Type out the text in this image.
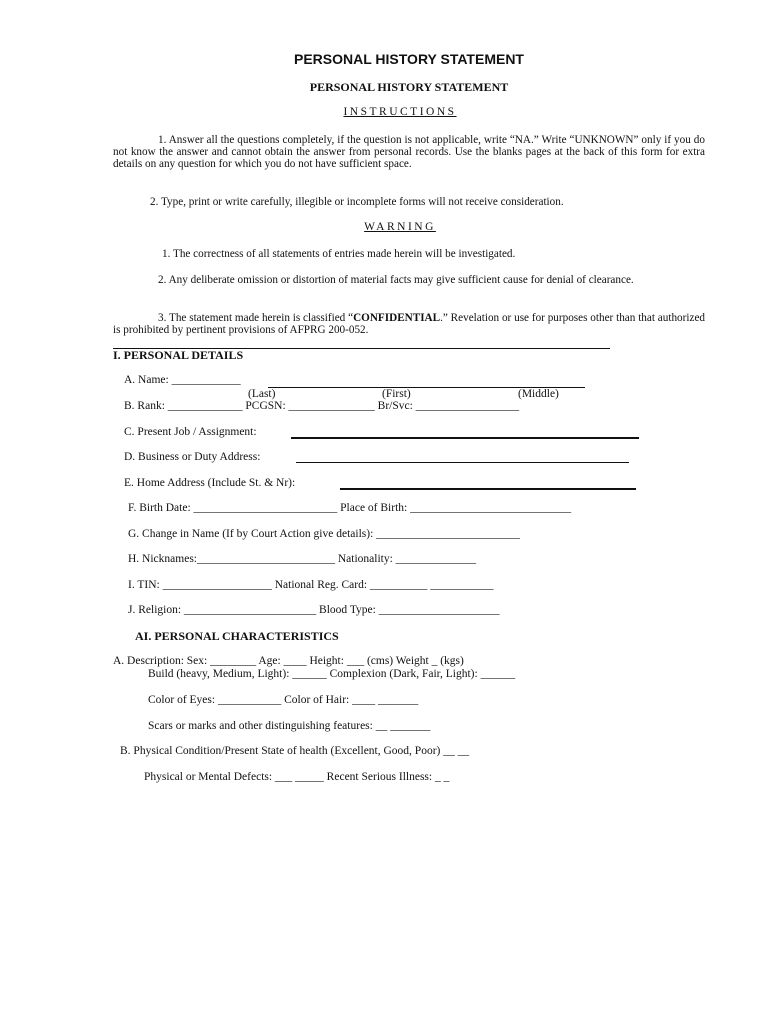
PERSONAL HISTORY STATEMENT
PERSONAL HISTORY STATEMENT
INSTRUCTIONS
1. Answer all the questions completely, if the question is not applicable, write “NA.” Write “UNKNOWN” only if you do not know the answer and cannot obtain the answer from personal records. Use the blanks pages at the back of this form for extra details on any question for which you do not have sufficient space.
2. Type, print or write carefully, illegible or incomplete forms will not receive consideration.
WARNING
1. The correctness of all statements of entries made herein will be investigated.
2. Any deliberate omission or distortion of material facts may give sufficient cause for denial of clearance.
3. The statement made herein is classified “CONFIDENTIAL.” Revelation or use for purposes other than that authorized is prohibited by pertinent provisions of AFPRG 200-052.
I. PERSONAL DETAILS
A. Name: ____________
(Last)	(First)	(Middle)
B. Rank: _____________ PCGSN: _______________ Br/Svc: __________________
C. Present Job / Assignment:
D. Business or Duty Address:
E. Home Address (Include St. & Nr):
F. Birth Date: _________________________ Place of Birth: ____________________________
G. Change in Name (If by Court Action give details): _________________________
H. Nicknames:________________________ Nationality: ______________
I. TIN: ___________________ National Reg. Card: __________ ___________
J. Religion: _______________________ Blood Type: _____________________
AI. PERSONAL CHARACTERISTICS
A. Description: Sex: ________ Age: ____ Height: ___ (cms) Weight _ (kgs)
Build (heavy, Medium, Light): ______ Complexion (Dark, Fair, Light): ______
Color of Eyes: ___________ Color of Hair: ____ _______
Scars or marks and other distinguishing features: __ _______
B. Physical Condition/Present State of health (Excellent, Good, Poor) __ __
Physical or Mental Defects: ___ _____ Recent Serious Illness: _ _
